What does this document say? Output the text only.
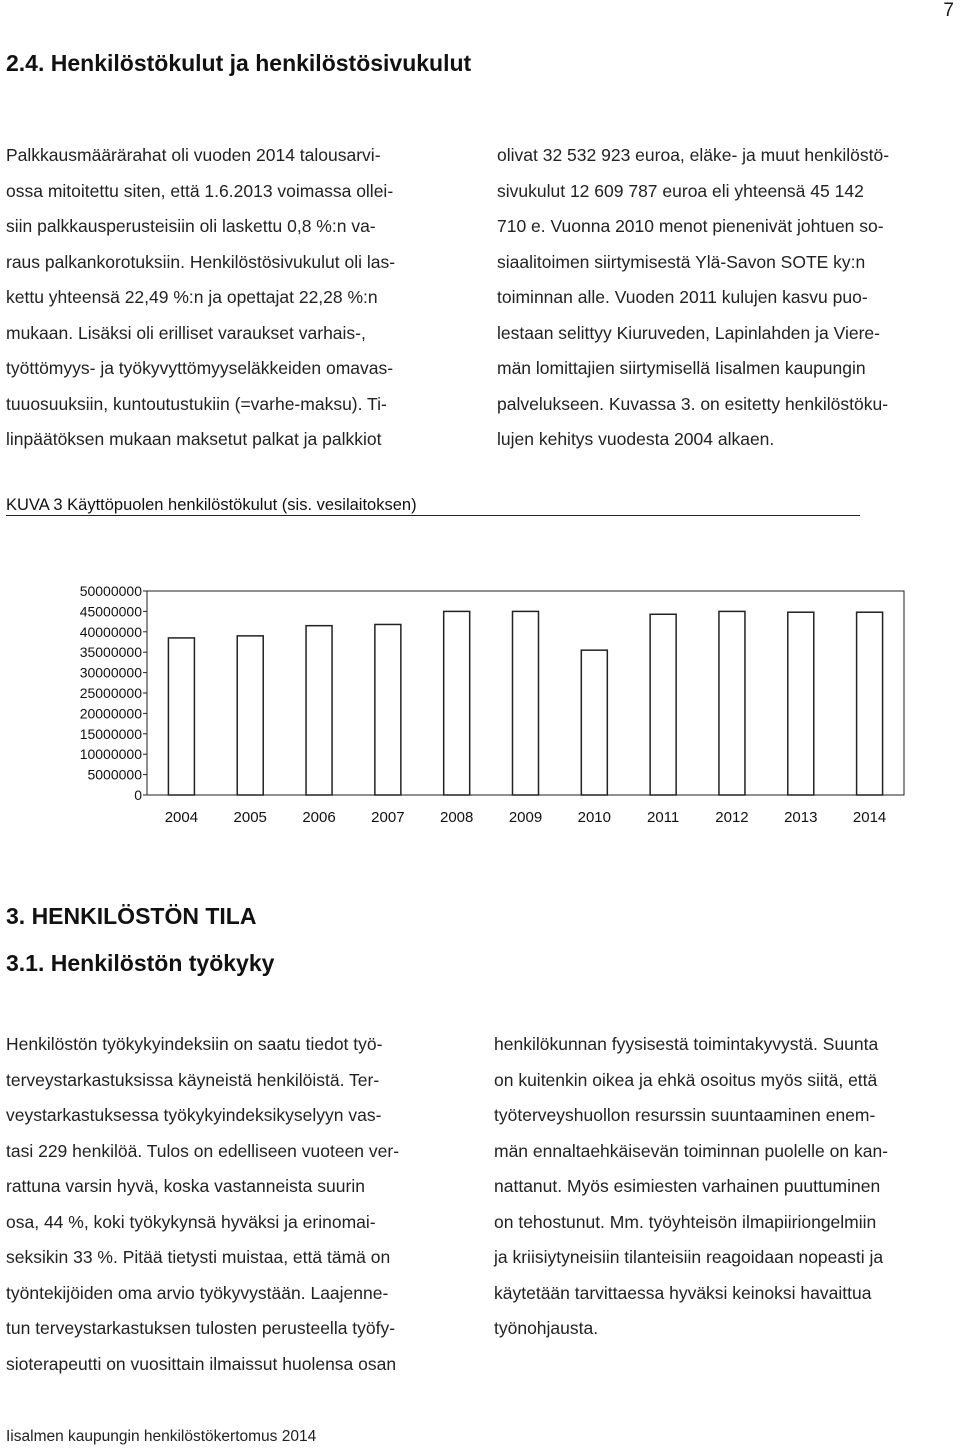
7
2.4. Henkilöstökulut ja henkilöstösivukulut

Palkkausmäärärahat oli vuoden 2014 talousarvi-

ossa mitoitettu siten, että 1.6.2013 voimassa ollei-

siin palkkausperusteisiin oli laskettu 0,8 %:n va-

raus palkankorotuksiin. Henkilöstösivukulut oli las-

kettu yhteensä 22,49 %:n ja opettajat 22,28 %:n

mukaan. Lisäksi oli erilliset varaukset varhais-,

työttömyys- ja työkyvyttömyyseläkkeiden omavas-

tuuosuuksiin, kuntoutustukiin (=varhe-maksu). Ti-

linpäätöksen mukaan maksetut palkat ja palkkiot

olivat 32 532 923 euroa, eläke- ja muut henkilöstö-

sivukulut 12 609 787 euroa eli yhteensä 45 142

710 e. Vuonna 2010 menot pienenivät johtuen so-

siaalitoimen siirtymisestä Ylä-Savon SOTE ky:n

toiminnan alle. Vuoden 2011 kulujen kasvu puo-

lestaan selittyy Kiuruveden, Lapinlahden ja Viere-

män lomittajien siirtymisellä Iisalmen kaupungin

palvelukseen. Kuvassa 3. on esitetty henkilöstöku-

lujen kehitys vuodesta 2004 alkaen.

KUVA 3 Käyttöpuolen henkilöstökulut (sis. vesilaitoksen)
50000000
45000000
40000000
35000000
30000000
25000000
20000000
15000000
10000000
5000000
0
2004 2005 2006 2007 2008 2009 2010 2011 2012 2013 2014
3. HENKILÖSTÖN TILA
3.1. Henkilöstön työkyky

Henkilöstön työkykyindeksiin on saatu tiedot työ-

terveystarkastuksissa käyneistä henkilöistä. Ter-

veystarkastuksessa työkykyindeksikyselyyn vas-

tasi 229 henkilöä. Tulos on edelliseen vuoteen ver-

rattuna varsin hyvä, koska vastanneista suurin

osa, 44 %, koki työkykynsä hyväksi ja erinomai-

seksikin 33 %. Pitää tietysti muistaa, että tämä on

työntekijöiden oma arvio työkyvystään. Laajenne-

tun terveystarkastuksen tulosten perusteella työfy-

sioterapeutti on vuosittain ilmaissut huolensa osan

henkilökunnan fyysisestä toimintakyvystä. Suunta

on kuitenkin oikea ja ehkä osoitus myös siitä, että

työterveyshuollon resurssin suuntaaminen enem-

män ennaltaehkäisevän toiminnan puolelle on kan-

nattanut. Myös esimiesten varhainen puuttuminen

on tehostunut. Mm. työyhteisön ilmapiiriongelmiin

ja kriisiytyneisiin tilanteisiin reagoidaan nopeasti ja

käytetään tarvittaessa hyväksi keinoksi havaittua

työnohjausta.

Iisalmen kaupungin henkilöstökertomus 2014
